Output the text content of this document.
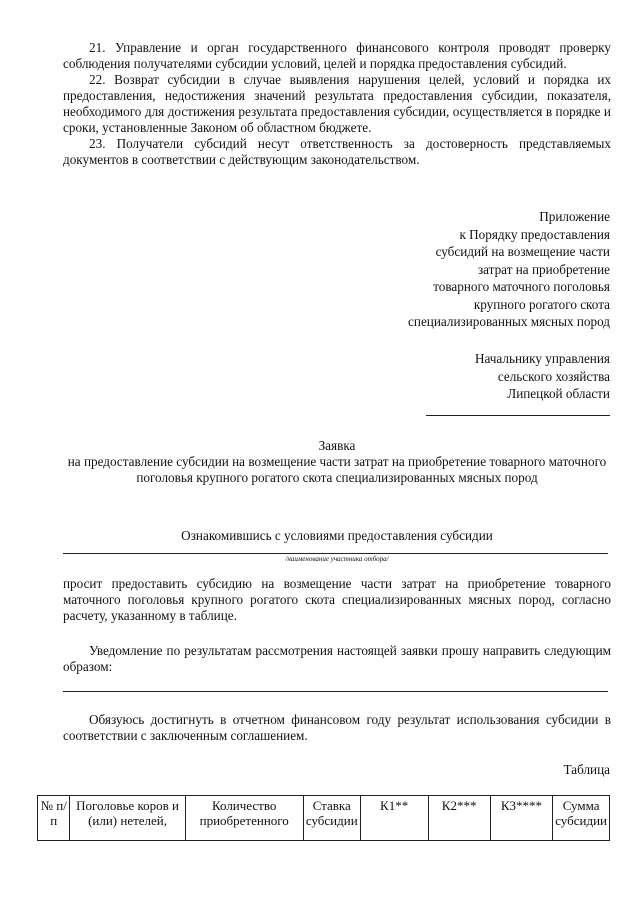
21. Управление и орган государственного финансового контроля проводят проверку соблюдения получателями субсидии условий, целей и порядка предоставления субсидий.

22. Возврат субсидии в случае выявления нарушения целей, условий и порядка их предоставления, недостижения значений результата предоставления субсидии, показателя, необходимого для достижения результата предоставления субсидии, осуществляется в порядке и сроки, установленные Законом об областном бюджете.

23. Получатели субсидий несут ответственность за достоверность представляемых документов в соответствии с действующим законодательством.

Приложение
к Порядку предоставления
субсидий на возмещение части
затрат на приобретение
товарного маточного поголовья
крупного рогатого скота
специализированных мясных пород
Начальнику управления
сельского хозяйства
Липецкой области
Заявка
на предоставление субсидии на возмещение части затрат на приобретение товарного маточного поголовья крупного рогатого скота специализированных мясных пород
Ознакомившись с условиями предоставления субсидии
/наименование участника отбора/
просит предоставить субсидию на возмещение части затрат на приобретение товарного маточного поголовья крупного рогатого скота специализированных мясных пород, согласно расчету, указанному в таблице.

Уведомление по результатам рассмотрения настоящей заявки прошу направить следующим образом:

Обязуюсь достигнуть в отчетном финансовом году результат использования субсидии в соответствии с заключенным соглашением.

Таблица
№ п/п	Поголовье коров и (или) нетелей,	Количество приобретенного	Ставка субсидии	К1**	К2***	К3****	Сумма субсидии
